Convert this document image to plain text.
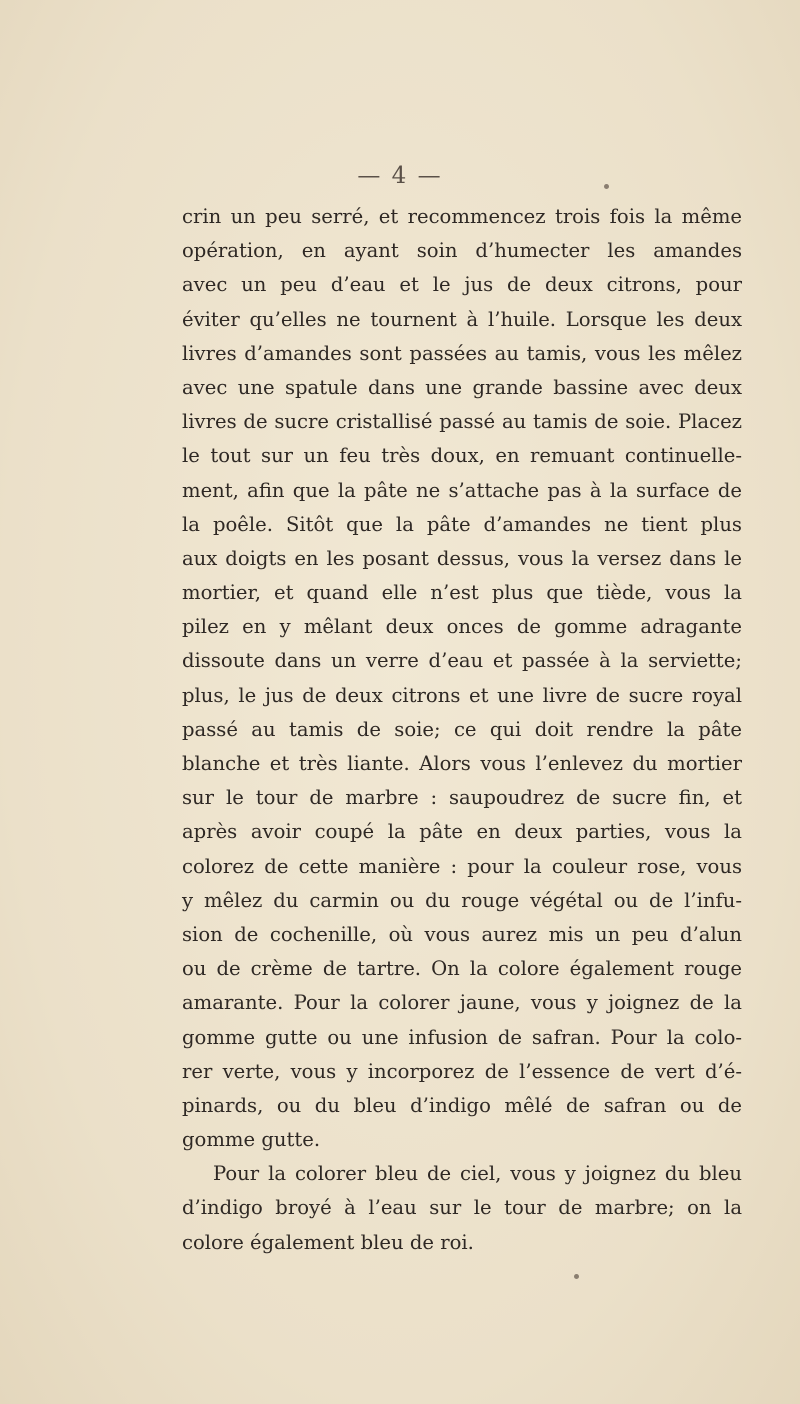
— 4 —
crin un peu serré, et recommencez trois fois la même
opération, en ayant soin d’humecter les amandes
avec un peu d’eau et le jus de deux citrons, pour
éviter qu’elles ne tournent à l’huile. Lorsque les deux
livres d’amandes sont passées au tamis, vous les mêlez
avec une spatule dans une grande bassine avec deux
livres de sucre cristallisé passé au tamis de soie. Placez
le tout sur un feu très doux, en remuant continuelle-
ment, afin que la pâte ne s’attache pas à la surface de
la poêle. Sitôt que la pâte d’amandes ne tient plus
aux doigts en les posant dessus, vous la versez dans le
mortier, et quand elle n’est plus que tiède, vous la
pilez en y mêlant deux onces de gomme adragante
dissoute dans un verre d’eau et passée à la serviette;
plus, le jus de deux citrons et une livre de sucre royal
passé au tamis de soie; ce qui doit rendre la pâte
blanche et très liante. Alors vous l’enlevez du mortier
sur le tour de marbre : saupoudrez de sucre fin, et
après avoir coupé la pâte en deux parties, vous la
colorez de cette manière : pour la couleur rose, vous
y mêlez du carmin ou du rouge végétal ou de l’infu-
sion de cochenille, où vous aurez mis un peu d’alun
ou de crème de tartre. On la colore également rouge
amarante. Pour la colorer jaune, vous y joignez de la
gomme gutte ou une infusion de safran. Pour la colo-
rer verte, vous y incorporez de l’essence de vert d’é-
pinards, ou du bleu d’indigo mêlé de safran ou de
gomme gutte.
Pour la colorer bleu de ciel, vous y joignez du bleu
d’indigo broyé à l’eau sur le tour de marbre; on la
colore également bleu de roi.
